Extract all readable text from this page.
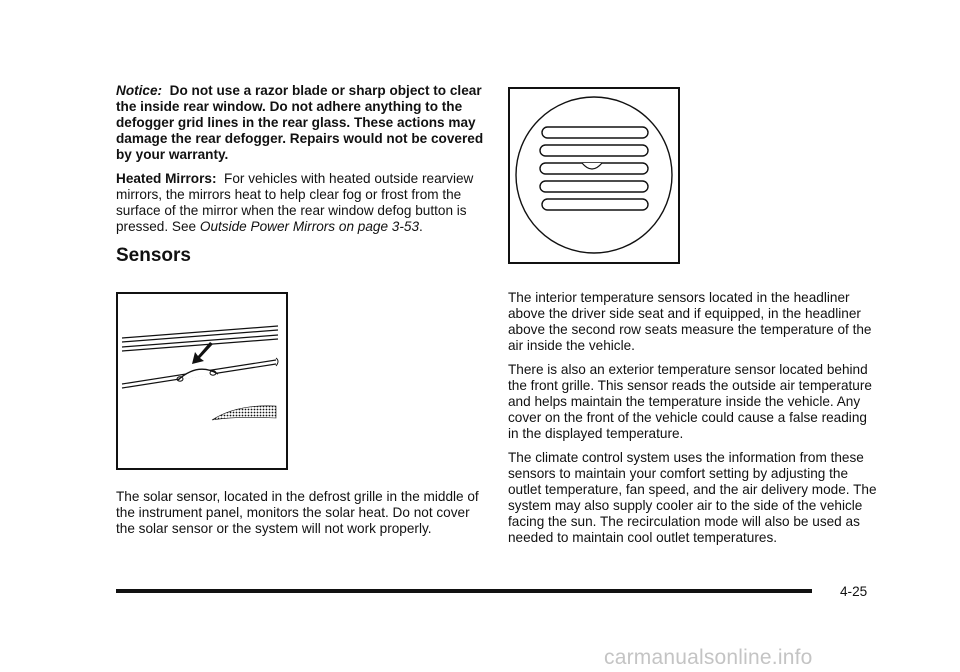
Notice: Do not use a razor blade or sharp object to clear the inside rear window. Do not adhere anything to the defogger grid lines in the rear glass. These actions may damage the rear defogger. Repairs would not be covered by your warranty.

Heated Mirrors: For vehicles with heated outside rearview mirrors, the mirrors heat to help clear fog or frost from the surface of the mirror when the rear window defog button is pressed. See Outside Power Mirrors on page 3-53.

Sensors

The solar sensor, located in the defrost grille in the middle of the instrument panel, monitors the solar heat. Do not cover the solar sensor or the system will not work properly.

The interior temperature sensors located in the headliner above the driver side seat and if equipped, in the headliner above the second row seats measure the temperature of the air inside the vehicle.

There is also an exterior temperature sensor located behind the front grille. This sensor reads the outside air temperature and helps maintain the temperature inside the vehicle. Any cover on the front of the vehicle could cause a false reading in the displayed temperature.

The climate control system uses the information from these sensors to maintain your comfort setting by adjusting the outlet temperature, fan speed, and the air delivery mode. The system may also supply cooler air to the side of the vehicle facing the sun. The recirculation mode will also be used as needed to maintain cool outlet temperatures.

4-25
carmanualsonline.info
